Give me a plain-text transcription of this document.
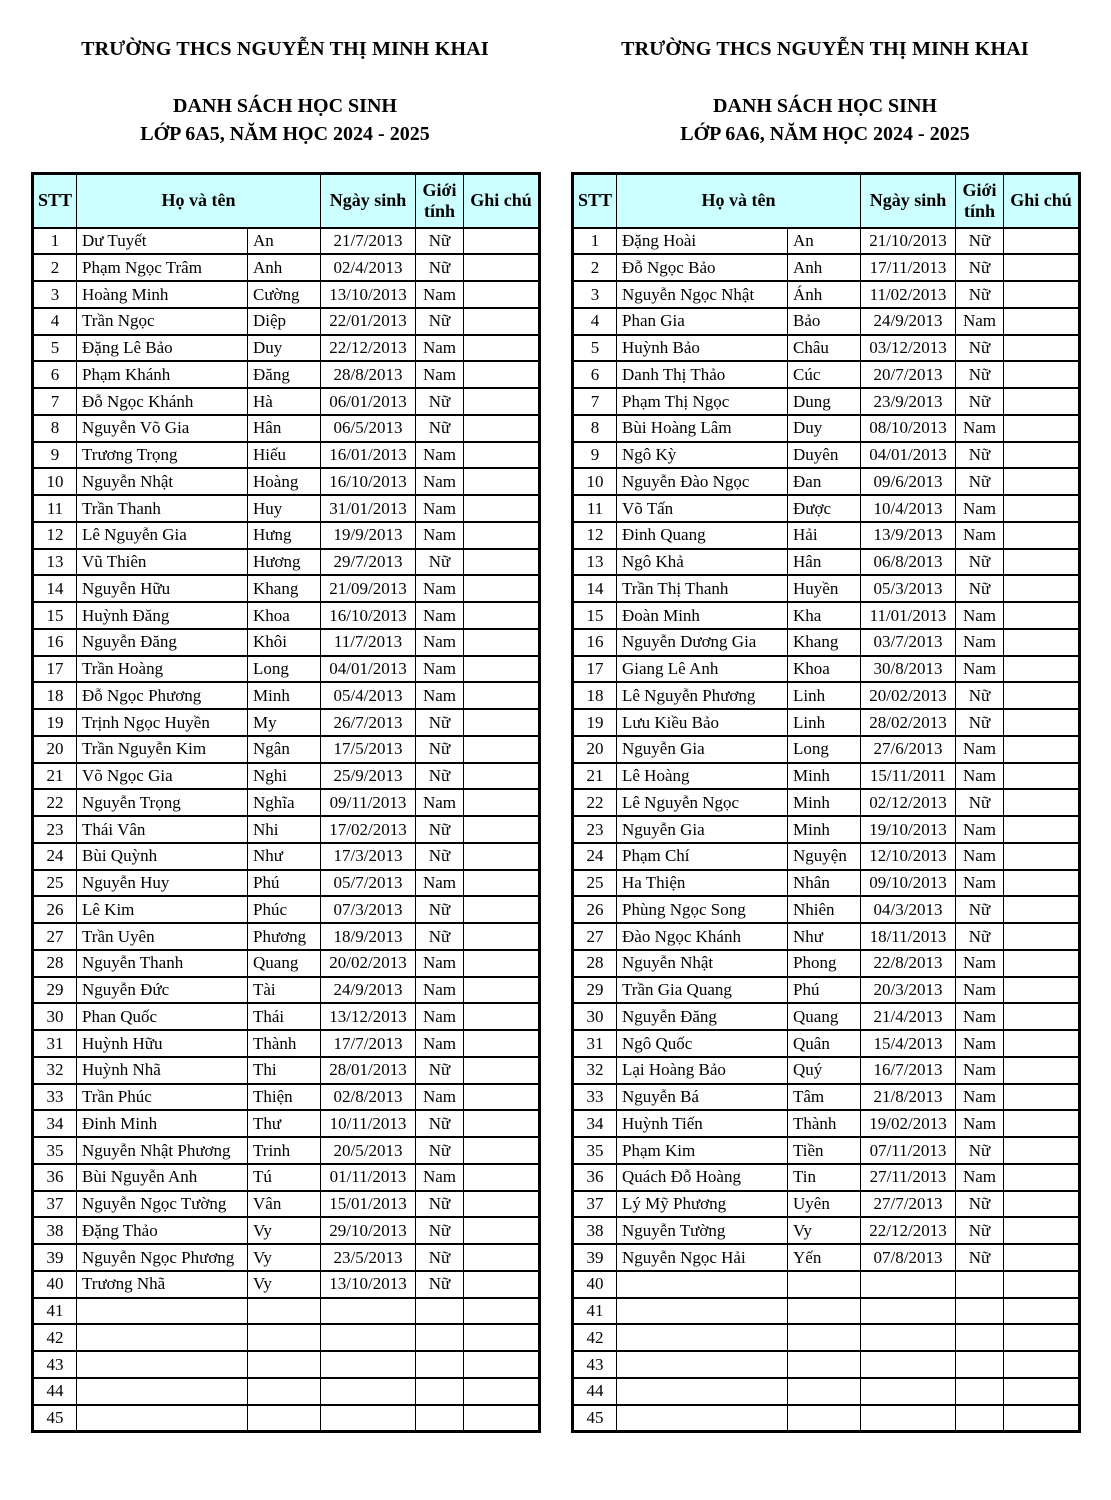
TRƯỜNG THCS NGUYỄN THỊ MINH KHAI
DANH SÁCH HỌC SINH
LỚP 6A5, NĂM HỌC 2024 - 2025
STT	Họ và tên		Ngày sinh	Giới tính	Ghi chú
1	Dư Tuyết	An	21/7/2013	Nữ	
2	Phạm Ngọc Trâm	Anh	02/4/2013	Nữ	
3	Hoàng Minh	Cường	13/10/2013	Nam	
4	Trần Ngọc	Diệp	22/01/2013	Nữ	
5	Đặng Lê Bảo	Duy	22/12/2013	Nam	
6	Phạm Khánh	Đăng	28/8/2013	Nam	
7	Đỗ Ngọc Khánh	Hà	06/01/2013	Nữ	
8	Nguyễn Võ Gia	Hân	06/5/2013	Nữ	
9	Trương Trọng	Hiếu	16/01/2013	Nam	
10	Nguyễn Nhật	Hoàng	16/10/2013	Nam	
11	Trần Thanh	Huy	31/01/2013	Nam	
12	Lê Nguyễn Gia	Hưng	19/9/2013	Nam	
13	Vũ Thiên	Hương	29/7/2013	Nữ	
14	Nguyễn Hữu	Khang	21/09/2013	Nam	
15	Huỳnh Đăng	Khoa	16/10/2013	Nam	
16	Nguyễn Đăng	Khôi	11/7/2013	Nam	
17	Trần Hoàng	Long	04/01/2013	Nam	
18	Đỗ Ngọc Phương	Minh	05/4/2013	Nam	
19	Trịnh Ngọc Huyền	My	26/7/2013	Nữ	
20	Trần Nguyễn Kim	Ngân	17/5/2013	Nữ	
21	Võ Ngọc Gia	Nghi	25/9/2013	Nữ	
22	Nguyễn Trọng	Nghĩa	09/11/2013	Nam	
23	Thái Vân	Nhi	17/02/2013	Nữ	
24	Bùi Quỳnh	Như	17/3/2013	Nữ	
25	Nguyễn Huy	Phú	05/7/2013	Nam	
26	Lê Kim	Phúc	07/3/2013	Nữ	
27	Trần Uyên	Phương	18/9/2013	Nữ	
28	Nguyễn Thanh	Quang	20/02/2013	Nam	
29	Nguyễn Đức	Tài	24/9/2013	Nam	
30	Phan Quốc	Thái	13/12/2013	Nam	
31	Huỳnh Hữu	Thành	17/7/2013	Nam	
32	Huỳnh Nhã	Thi	28/01/2013	Nữ	
33	Trần Phúc	Thiện	02/8/2013	Nam	
34	Đinh Minh	Thư	10/11/2013	Nữ	
35	Nguyễn Nhật Phương	Trinh	20/5/2013	Nữ	
36	Bùi Nguyễn Anh	Tú	01/11/2013	Nam	
37	Nguyễn Ngọc Tường	Vân	15/01/2013	Nữ	
38	Đặng Thảo	Vy	29/10/2013	Nữ	
39	Nguyễn Ngọc Phương	Vy	23/5/2013	Nữ	
40	Trương Nhã	Vy	13/10/2013	Nữ	
41					
42					
43					
44					
45					
TRƯỜNG THCS NGUYỄN THỊ MINH KHAI
DANH SÁCH HỌC SINH
LỚP 6A6, NĂM HỌC 2024 - 2025
STT	Họ và tên		Ngày sinh	Giới tính	Ghi chú
1	Đặng Hoài	An	21/10/2013	Nữ	
2	Đỗ Ngọc Bảo	Anh	17/11/2013	Nữ	
3	Nguyễn Ngọc Nhật	Ánh	11/02/2013	Nữ	
4	Phan Gia	Bảo	24/9/2013	Nam	
5	Huỳnh Bảo	Châu	03/12/2013	Nữ	
6	Danh Thị Thảo	Cúc	20/7/2013	Nữ	
7	Phạm Thị Ngọc	Dung	23/9/2013	Nữ	
8	Bùi Hoàng Lâm	Duy	08/10/2013	Nam	
9	Ngô Kỳ	Duyên	04/01/2013	Nữ	
10	Nguyễn Đào Ngọc	Đan	09/6/2013	Nữ	
11	Võ Tấn	Được	10/4/2013	Nam	
12	Đinh Quang	Hải	13/9/2013	Nam	
13	Ngô Khả	Hân	06/8/2013	Nữ	
14	Trần Thị Thanh	Huyền	05/3/2013	Nữ	
15	Đoàn Minh	Kha	11/01/2013	Nam	
16	Nguyễn Dương Gia	Khang	03/7/2013	Nam	
17	Giang Lê Anh	Khoa	30/8/2013	Nam	
18	Lê Nguyễn Phương	Linh	20/02/2013	Nữ	
19	Lưu Kiều Bảo	Linh	28/02/2013	Nữ	
20	Nguyễn Gia	Long	27/6/2013	Nam	
21	Lê Hoàng	Minh	15/11/2011	Nam	
22	Lê Nguyễn Ngọc	Minh	02/12/2013	Nữ	
23	Nguyễn Gia	Minh	19/10/2013	Nam	
24	Phạm Chí	Nguyện	12/10/2013	Nam	
25	Ha Thiện	Nhân	09/10/2013	Nam	
26	Phùng Ngọc Song	Nhiên	04/3/2013	Nữ	
27	Đào Ngọc Khánh	Như	18/11/2013	Nữ	
28	Nguyễn Nhật	Phong	22/8/2013	Nam	
29	Trần Gia Quang	Phú	20/3/2013	Nam	
30	Nguyễn Đăng	Quang	21/4/2013	Nam	
31	Ngô Quốc	Quân	15/4/2013	Nam	
32	Lại Hoàng Bảo	Quý	16/7/2013	Nam	
33	Nguyễn Bá	Tâm	21/8/2013	Nam	
34	Huỳnh Tiến	Thành	19/02/2013	Nam	
35	Phạm Kim	Tiền	07/11/2013	Nữ	
36	Quách Đỗ Hoàng	Tin	27/11/2013	Nam	
37	Lý Mỹ Phương	Uyên	27/7/2013	Nữ	
38	Nguyễn Tường	Vy	22/12/2013	Nữ	
39	Nguyễn Ngọc Hải	Yến	07/8/2013	Nữ	
40					
41					
42					
43					
44					
45					
